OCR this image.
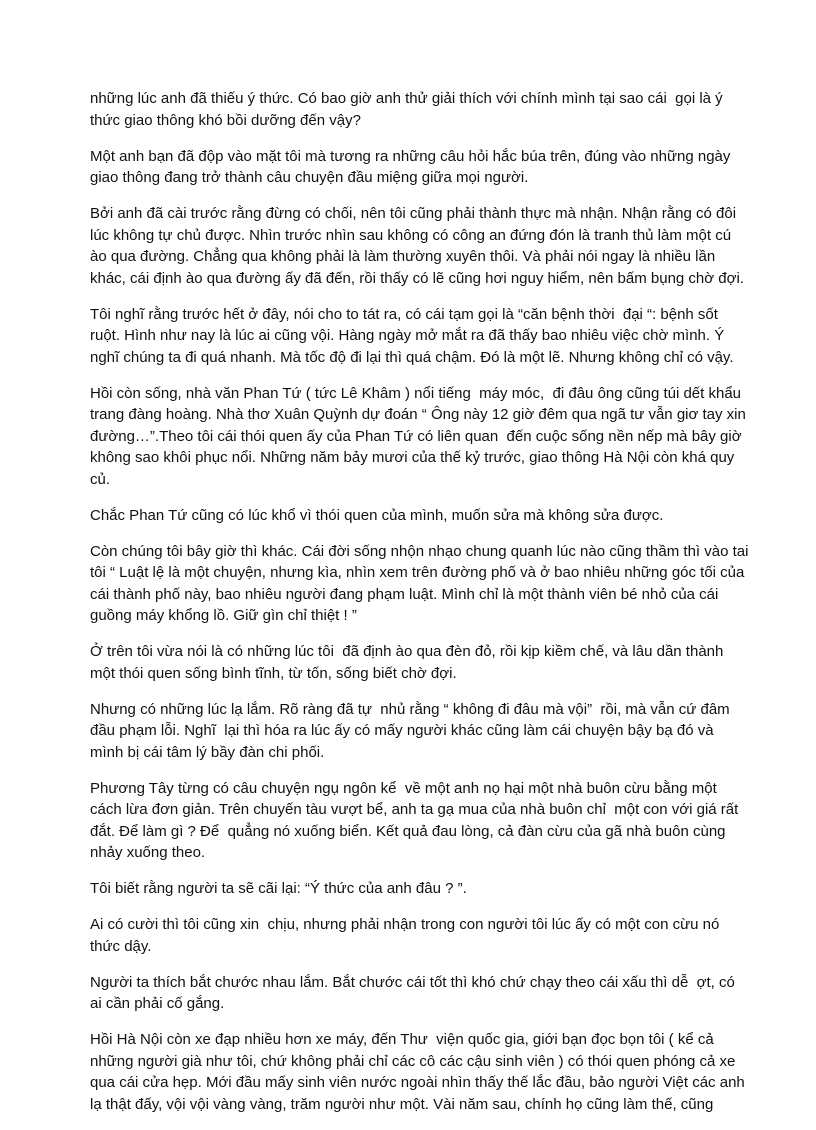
những lúc anh đã thiếu ý thức. Có bao giờ anh thử giải thích với chính mình tại sao cái  gọi là ý thức giao thông khó bồi dưỡng đến vậy?

Một anh bạn đã độp vào mặt tôi mà tương ra những câu hỏi hắc búa trên, đúng vào những ngày giao thông đang trở thành câu chuyện đầu miệng giữa mọi người.

Bởi anh đã cài trước rằng đừng có chối, nên tôi cũng phải thành thực mà nhận. Nhận rằng có đôi lúc không tự chủ được. Nhìn trước nhìn sau không có công an đứng đón là tranh thủ làm một cú ào qua đường. Chẳng qua không phải là làm thường xuyên thôi. Và phải nói ngay là nhiều lần khác, cái định ào qua đường ấy đã đến, rồi thấy có lẽ cũng hơi nguy hiểm, nên bấm bụng chờ đợi.

Tôi nghĩ rằng trước hết ở đây, nói cho to tát ra, có cái tạm gọi là “căn bệnh thời  đại “: bệnh sốt ruột. Hình như nay là lúc ai cũng vội. Hàng ngày mở mắt ra đã thấy bao nhiêu việc chờ mình. Ý nghĩ chúng ta đi quá nhanh. Mà tốc độ đi lại thì quá chậm. Đó là một lẽ. Nhưng không chỉ có vậy.

Hồi còn sống, nhà văn Phan Tứ ( tức Lê Khâm ) nổi tiếng  máy móc,  đi đâu ông cũng túi dết khẩu trang đàng hoàng. Nhà thơ Xuân Quỳnh dự đoán “ Ông này 12 giờ đêm qua ngã tư vẫn giơ tay xin đường…”.Theo tôi cái thói quen ấy của Phan Tứ có liên quan  đến cuộc sống nền nếp mà bây giờ không sao khôi phục nổi. Những năm bảy mươi của thế kỷ trước, giao thông Hà Nội còn khá quy củ.

Chắc Phan Tứ cũng có lúc khổ vì thói quen của mình, muốn sửa mà không sửa được.

Còn chúng tôi bây giờ thì khác. Cái đời sống nhộn nhạo chung quanh lúc nào cũng thầm thì vào tai tôi “ Luật lệ là một chuyện, nhưng kìa, nhìn xem trên đường phố và ở bao nhiêu những góc tối của cái thành phố này, bao nhiêu người đang phạm luật. Mình chỉ là một thành viên bé nhỏ của cái guồng máy khổng lồ. Giữ gìn chỉ thiệt ! ”

Ở trên tôi vừa nói là có những lúc tôi  đã định ào qua đèn đỏ, rồi kịp kiềm chế, và lâu dần thành một thói quen sống bình tĩnh, từ tốn, sống biết chờ đợi.

Nhưng có những lúc lạ lắm. Rõ ràng đã tự  nhủ rằng “ không đi đâu mà vội”  rồi, mà vẫn cứ đâm đầu phạm lỗi. Nghĩ  lại thì hóa ra lúc ấy có mấy người khác cũng làm cái chuyện bậy bạ đó và mình bị cái tâm lý bầy đàn chi phối.

Phương Tây từng có câu chuyện ngụ ngôn kể  về một anh nọ hại một nhà buôn cừu bằng một cách lừa đơn giản. Trên chuyến tàu vượt bể, anh ta gạ mua của nhà buôn chỉ  một con với giá rất đắt. Để làm gì ? Để  quẳng nó xuống biển. Kết quả đau lòng, cả đàn cừu của gã nhà buôn cùng nhảy xuống theo.

Tôi biết rằng người ta sẽ cãi lại: “Ý thức của anh đâu ? ”.

Ai có cười thì tôi cũng xin  chịu, nhưng phải nhận trong con người tôi lúc ấy có một con cừu nó thức dậy.

Người ta thích bắt chước nhau lắm. Bắt chước cái tốt thì khó chứ chạy theo cái xấu thì dễ  ợt, có ai cần phải cố gắng.

Hồi Hà Nội còn xe đạp nhiều hơn xe máy, đến Thư  viện quốc gia, giới bạn đọc bọn tôi ( kể cả những người già như tôi, chứ không phải chỉ các cô các cậu sinh viên ) có thói quen phóng cả xe qua cái cửa hẹp. Mới đầu mấy sinh viên nước ngoài nhìn thấy thế lắc đầu, bảo người Việt các anh lạ thật đấy, vội vội vàng vàng, trăm người như một. Vài năm sau, chính họ cũng làm thế, cũng
